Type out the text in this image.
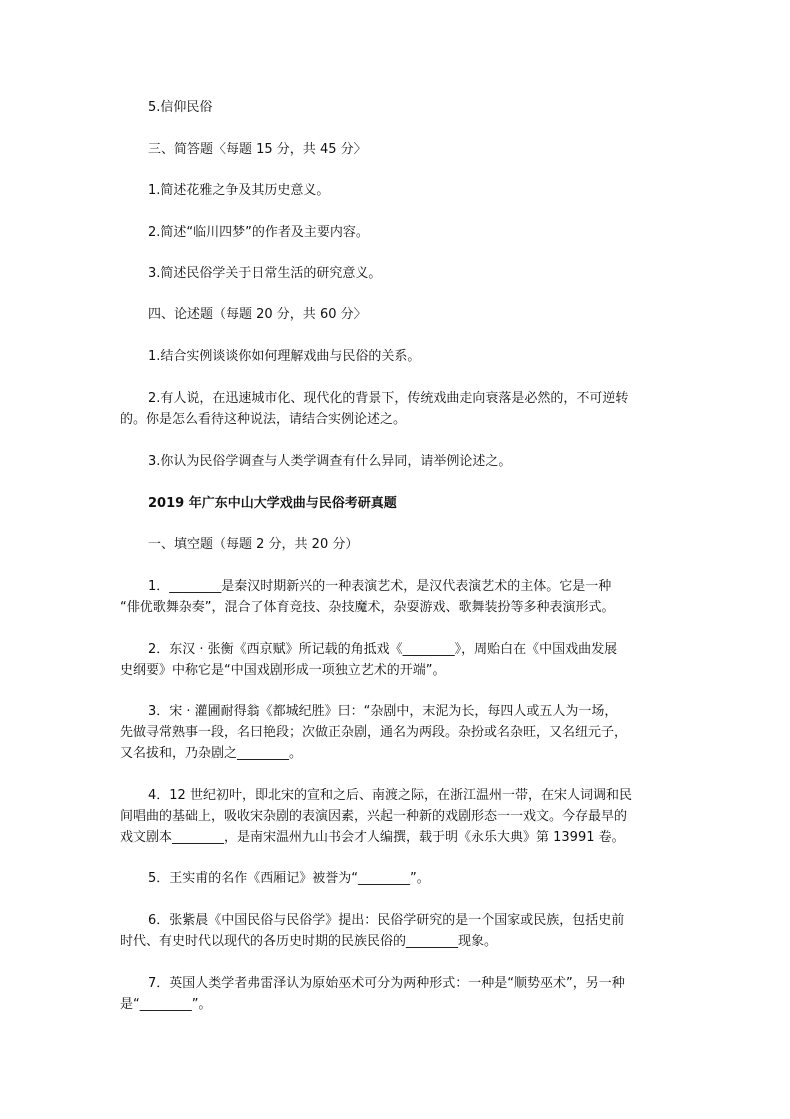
5.信仰民俗
三、简答题〈每题 15 分，共 45 分〉
1.简述花雅之争及其历史意义。
2.简述“临川四梦”的作者及主要内容。
3.简述民俗学关于日常生活的研究意义。
四、论述题（每题 20 分，共 60 分〉
1.结合实例谈谈你如何理解戏曲与民俗的关系。
2.有人说，在迅速城市化、现代化的背景下，传统戏曲走向衰落是必然的，不可逆转
的。你是怎么看待这种说法，请结合实例论述之。
3.你认为民俗学调查与人类学调查有什么异同，请举例论述之。
2019 年广东中山大学戏曲与民俗考研真题
一、填空题（每题 2 分，共 20 分）
1．________是秦汉时期新兴的一种表演艺术，是汉代表演艺术的主体。它是一种
“俳优歌舞杂奏”，混合了体育竞技、杂技魔术，杂耍游戏、歌舞装扮等多种表演形式。
2．东汉 · 张衡《西京赋》所记载的角抵戏《________》，周贻白在《中国戏曲发展
史纲要》中称它是“中国戏剧形成一项独立艺术的开端”。
3．宋 · 灌圃耐得翁《都城纪胜》曰：“杂剧中，末泥为长，每四人或五人为一场，
先做寻常熟事一段，名曰艳段；次做正杂剧，通名为两段。杂扮或名杂旺，又名纽元子，
又名拔和，乃杂剧之________。
4．12 世纪初叶，即北宋的宣和之后、南渡之际，在浙江温州一带，在宋人词调和民
间唱曲的基础上，吸收宋杂剧的表演因素，兴起一种新的戏剧形态一一戏文。今存最早的
戏文剧本________，是南宋温州九山书会才人编撰，载于明《永乐大典》第 13991 卷。
5．王实甫的名作《西厢记》被誉为“________”。
6．张紫晨《中国民俗与民俗学》提出：民俗学研究的是一个国家或民族，包括史前
时代、有史时代以现代的各历史时期的民族民俗的________现象。
7．英国人类学者弗雷泽认为原始巫术可分为两种形式：一种是“顺势巫术”，另一种
是“________”。
